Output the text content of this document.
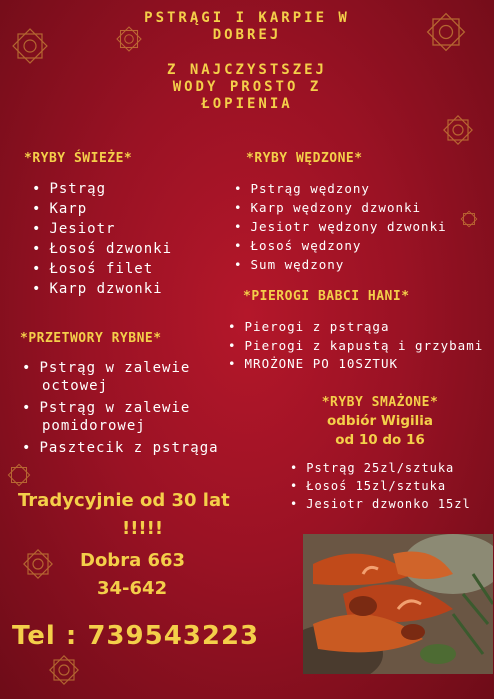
PSTRĄGI I KARPIE W
DOBREJ
Z NAJCZYSTSZEJ
WODY PROSTO Z
ŁOPIENIA
*RYBY ŚWIEŻE*
• Pstrąg
• Karp
• Jesiotr
• Łosoś dzwonki
• Łosoś filet
• Karp dzwonki
*RYBY WĘDZONE*
• Pstrąg wędzony
• Karp wędzony dzwonki
• Jesiotr wędzony dzwonki
• Łosoś wędzony
• Sum wędzony
*PIEROGI BABCI HANI*
• Pierogi z pstrąga
• Pierogi z kapustą i grzybami
• MROŻONE PO 10SZTUK
*PRZETWORY RYBNE*
• Pstrąg w zalewie octowej
• Pstrąg w zalewie pomidorowej
• Pasztecik z pstrąga
*RYBY SMAŻONE*
odbiór Wigilia
od 10 do 16
• Pstrąg 25zl/sztuka
• Łosoś 15zl/sztuka
• Jesiotr dzwonko 15zl
Tradycyjnie od 30 lat
!!!!!
Dobra 663
34-642
Tel : 739543223
